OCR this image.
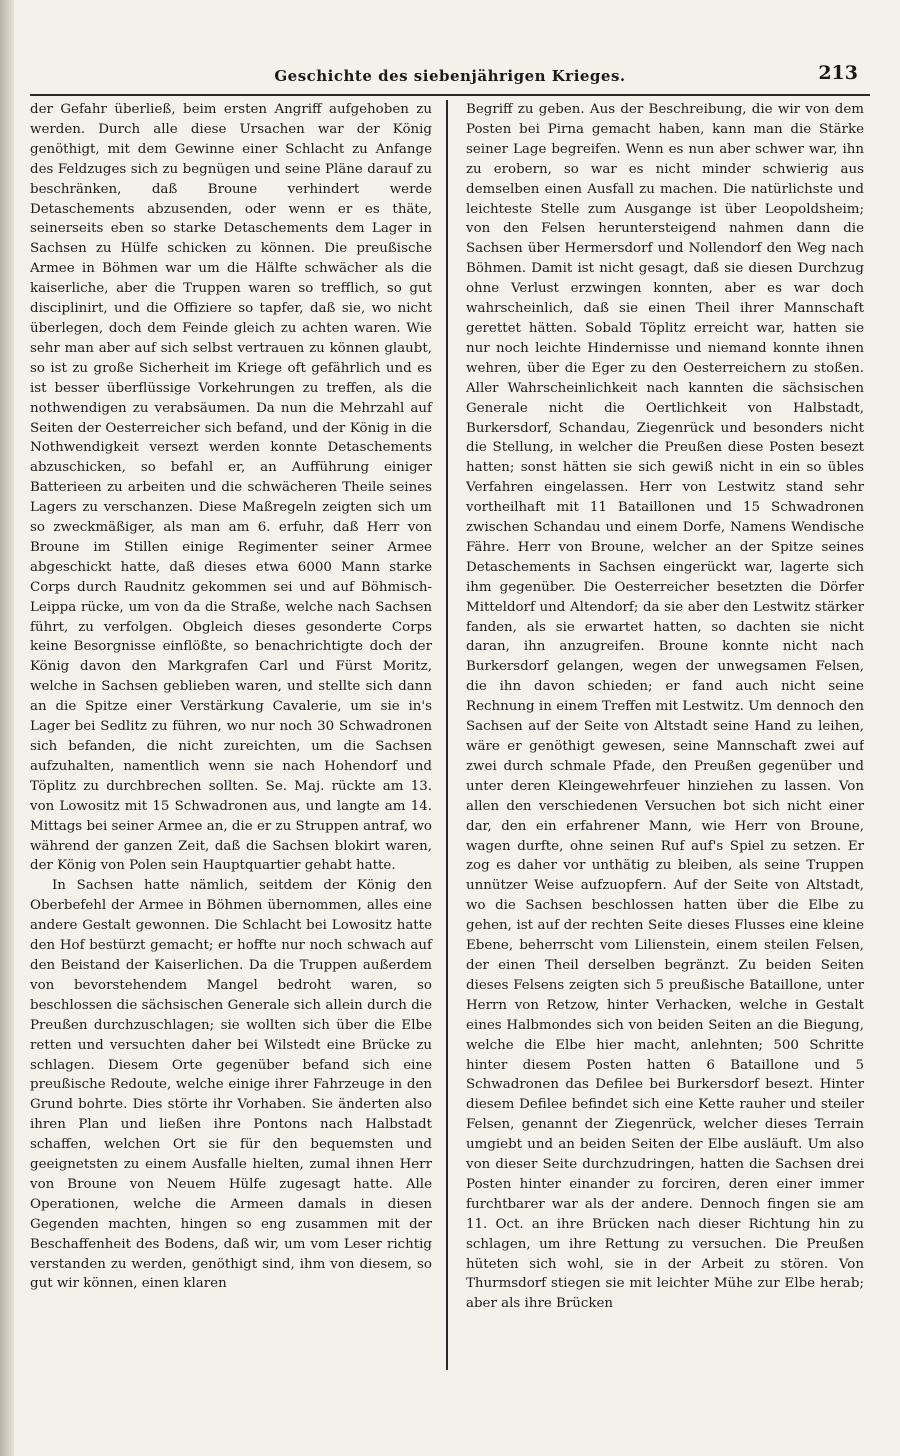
Geschichte des siebenjährigen Krieges.	213

der Gefahr überließ, beim ersten Angriff aufgehoben zu werden. Durch alle diese Ursachen war der König genöthigt, mit dem Gewinne einer Schlacht zu Anfange des Feldzuges sich zu begnügen und seine Pläne darauf zu beschränken, daß Broune verhindert werde Detaschements abzusenden, oder wenn er es thäte, seinerseits eben so starke Detaschements dem Lager in Sachsen zu Hülfe schicken zu können. Die preußische Armee in Böhmen war um die Hälfte schwächer als die kaiserliche, aber die Truppen waren so trefflich, so gut disciplinirt, und die Offiziere so tapfer, daß sie, wo nicht überlegen, doch dem Feinde gleich zu achten waren. Wie sehr man aber auf sich selbst vertrauen zu können glaubt, so ist zu große Sicherheit im Kriege oft gefährlich und es ist besser überflüssige Vorkehrungen zu treffen, als die nothwendigen zu verabsäumen. Da nun die Mehrzahl auf Seiten der Oesterreicher sich befand, und der König in die Nothwendigkeit versezt werden konnte Detaschements abzuschicken, so befahl er, an Aufführung einiger Batterieen zu arbeiten und die schwächeren Theile seines Lagers zu verschanzen. Diese Maßregeln zeigten sich um so zweckmäßiger, als man am 6. erfuhr, daß Herr von Broune im Stillen einige Regimenter seiner Armee abgeschickt hatte, daß dieses etwa 6000 Mann starke Corps durch Raudnitz gekommen sei und auf Böhmisch-Leippa rücke, um von da die Straße, welche nach Sachsen führt, zu verfolgen. Obgleich dieses gesonderte Corps keine Besorgnisse einflößte, so benachrichtigte doch der König davon den Markgrafen Carl und Fürst Moritz, welche in Sachsen geblieben waren, und stellte sich dann an die Spitze einer Verstärkung Cavalerie, um sie in's Lager bei Sedlitz zu führen, wo nur noch 30 Schwadronen sich befanden, die nicht zureichten, um die Sachsen aufzuhalten, namentlich wenn sie nach Hohendorf und Töplitz zu durchbrechen sollten. Se. Maj. rückte am 13. von Lowositz mit 15 Schwadronen aus, und langte am 14. Mittags bei seiner Armee an, die er zu Struppen antraf, wo während der ganzen Zeit, daß die Sachsen blokirt waren, der König von Polen sein Hauptquartier gehabt hatte.

In Sachsen hatte nämlich, seitdem der König den Oberbefehl der Armee in Böhmen übernommen, alles eine andere Gestalt gewonnen. Die Schlacht bei Lowositz hatte den Hof bestürzt gemacht; er hoffte nur noch schwach auf den Beistand der Kaiserlichen. Da die Truppen außerdem von bevorstehendem Mangel bedroht waren, so beschlossen die sächsischen Generale sich allein durch die Preußen durchzuschlagen; sie wollten sich über die Elbe retten und versuchten daher bei Wilstedt eine Brücke zu schlagen. Diesem Orte gegenüber befand sich eine preußische Redoute, welche einige ihrer Fahrzeuge in den Grund bohrte. Dies störte ihr Vorhaben. Sie änderten also ihren Plan und ließen ihre Pontons nach Halbstadt schaffen, welchen Ort sie für den bequemsten und geeignetsten zu einem Ausfalle hielten, zumal ihnen Herr von Broune von Neuem Hülfe zugesagt hatte. Alle Operationen, welche die Armeen damals in diesen Gegenden machten, hingen so eng zusammen mit der Beschaffenheit des Bodens, daß wir, um vom Leser richtig verstanden zu werden, genöthigt sind, ihm von diesem, so gut wir können, einen klaren

Begriff zu geben. Aus der Beschreibung, die wir von dem Posten bei Pirna gemacht haben, kann man die Stärke seiner Lage begreifen. Wenn es nun aber schwer war, ihn zu erobern, so war es nicht minder schwierig aus demselben einen Ausfall zu machen. Die natürlichste und leichteste Stelle zum Ausgange ist über Leopoldsheim; von den Felsen heruntersteigend nahmen dann die Sachsen über Hermersdorf und Nollendorf den Weg nach Böhmen. Damit ist nicht gesagt, daß sie diesen Durchzug ohne Verlust erzwingen konnten, aber es war doch wahrscheinlich, daß sie einen Theil ihrer Mannschaft gerettet hätten. Sobald Töplitz erreicht war, hatten sie nur noch leichte Hindernisse und niemand konnte ihnen wehren, über die Eger zu den Oesterreichern zu stoßen. Aller Wahrscheinlichkeit nach kannten die sächsischen Generale nicht die Oertlichkeit von Halbstadt, Burkersdorf, Schandau, Ziegenrück und besonders nicht die Stellung, in welcher die Preußen diese Posten besezt hatten; sonst hätten sie sich gewiß nicht in ein so übles Verfahren eingelassen. Herr von Lestwitz stand sehr vortheilhaft mit 11 Bataillonen und 15 Schwadronen zwischen Schandau und einem Dorfe, Namens Wendische Fähre. Herr von Broune, welcher an der Spitze seines Detaschements in Sachsen eingerückt war, lagerte sich ihm gegenüber. Die Oesterreicher besetzten die Dörfer Mitteldorf und Altendorf; da sie aber den Lestwitz stärker fanden, als sie erwartet hatten, so dachten sie nicht daran, ihn anzugreifen. Broune konnte nicht nach Burkersdorf gelangen, wegen der unwegsamen Felsen, die ihn davon schieden; er fand auch nicht seine Rechnung in einem Treffen mit Lestwitz. Um dennoch den Sachsen auf der Seite von Altstadt seine Hand zu leihen, wäre er genöthigt gewesen, seine Mannschaft zwei auf zwei durch schmale Pfade, den Preußen gegenüber und unter deren Kleingewehrfeuer hinziehen zu lassen. Von allen den verschiedenen Versuchen bot sich nicht einer dar, den ein erfahrener Mann, wie Herr von Broune, wagen durfte, ohne seinen Ruf auf's Spiel zu setzen. Er zog es daher vor unthätig zu bleiben, als seine Truppen unnützer Weise aufzuopfern. Auf der Seite von Altstadt, wo die Sachsen beschlossen hatten über die Elbe zu gehen, ist auf der rechten Seite dieses Flusses eine kleine Ebene, beherrscht vom Lilienstein, einem steilen Felsen, der einen Theil derselben begränzt. Zu beiden Seiten dieses Felsens zeigten sich 5 preußische Bataillone, unter Herrn von Retzow, hinter Verhacken, welche in Gestalt eines Halbmondes sich von beiden Seiten an die Biegung, welche die Elbe hier macht, anlehnten; 500 Schritte hinter diesem Posten hatten 6 Bataillone und 5 Schwadronen das Defilee bei Burkersdorf besezt. Hinter diesem Defilee befindet sich eine Kette rauher und steiler Felsen, genannt der Ziegenrück, welcher dieses Terrain umgiebt und an beiden Seiten der Elbe ausläuft. Um also von dieser Seite durchzudringen, hatten die Sachsen drei Posten hinter einander zu forciren, deren einer immer furchtbarer war als der andere. Dennoch fingen sie am 11. Oct. an ihre Brücken nach dieser Richtung hin zu schlagen, um ihre Rettung zu versuchen. Die Preußen hüteten sich wohl, sie in der Arbeit zu stören. Von Thurmsdorf stiegen sie mit leichter Mühe zur Elbe herab; aber als ihre Brücken
